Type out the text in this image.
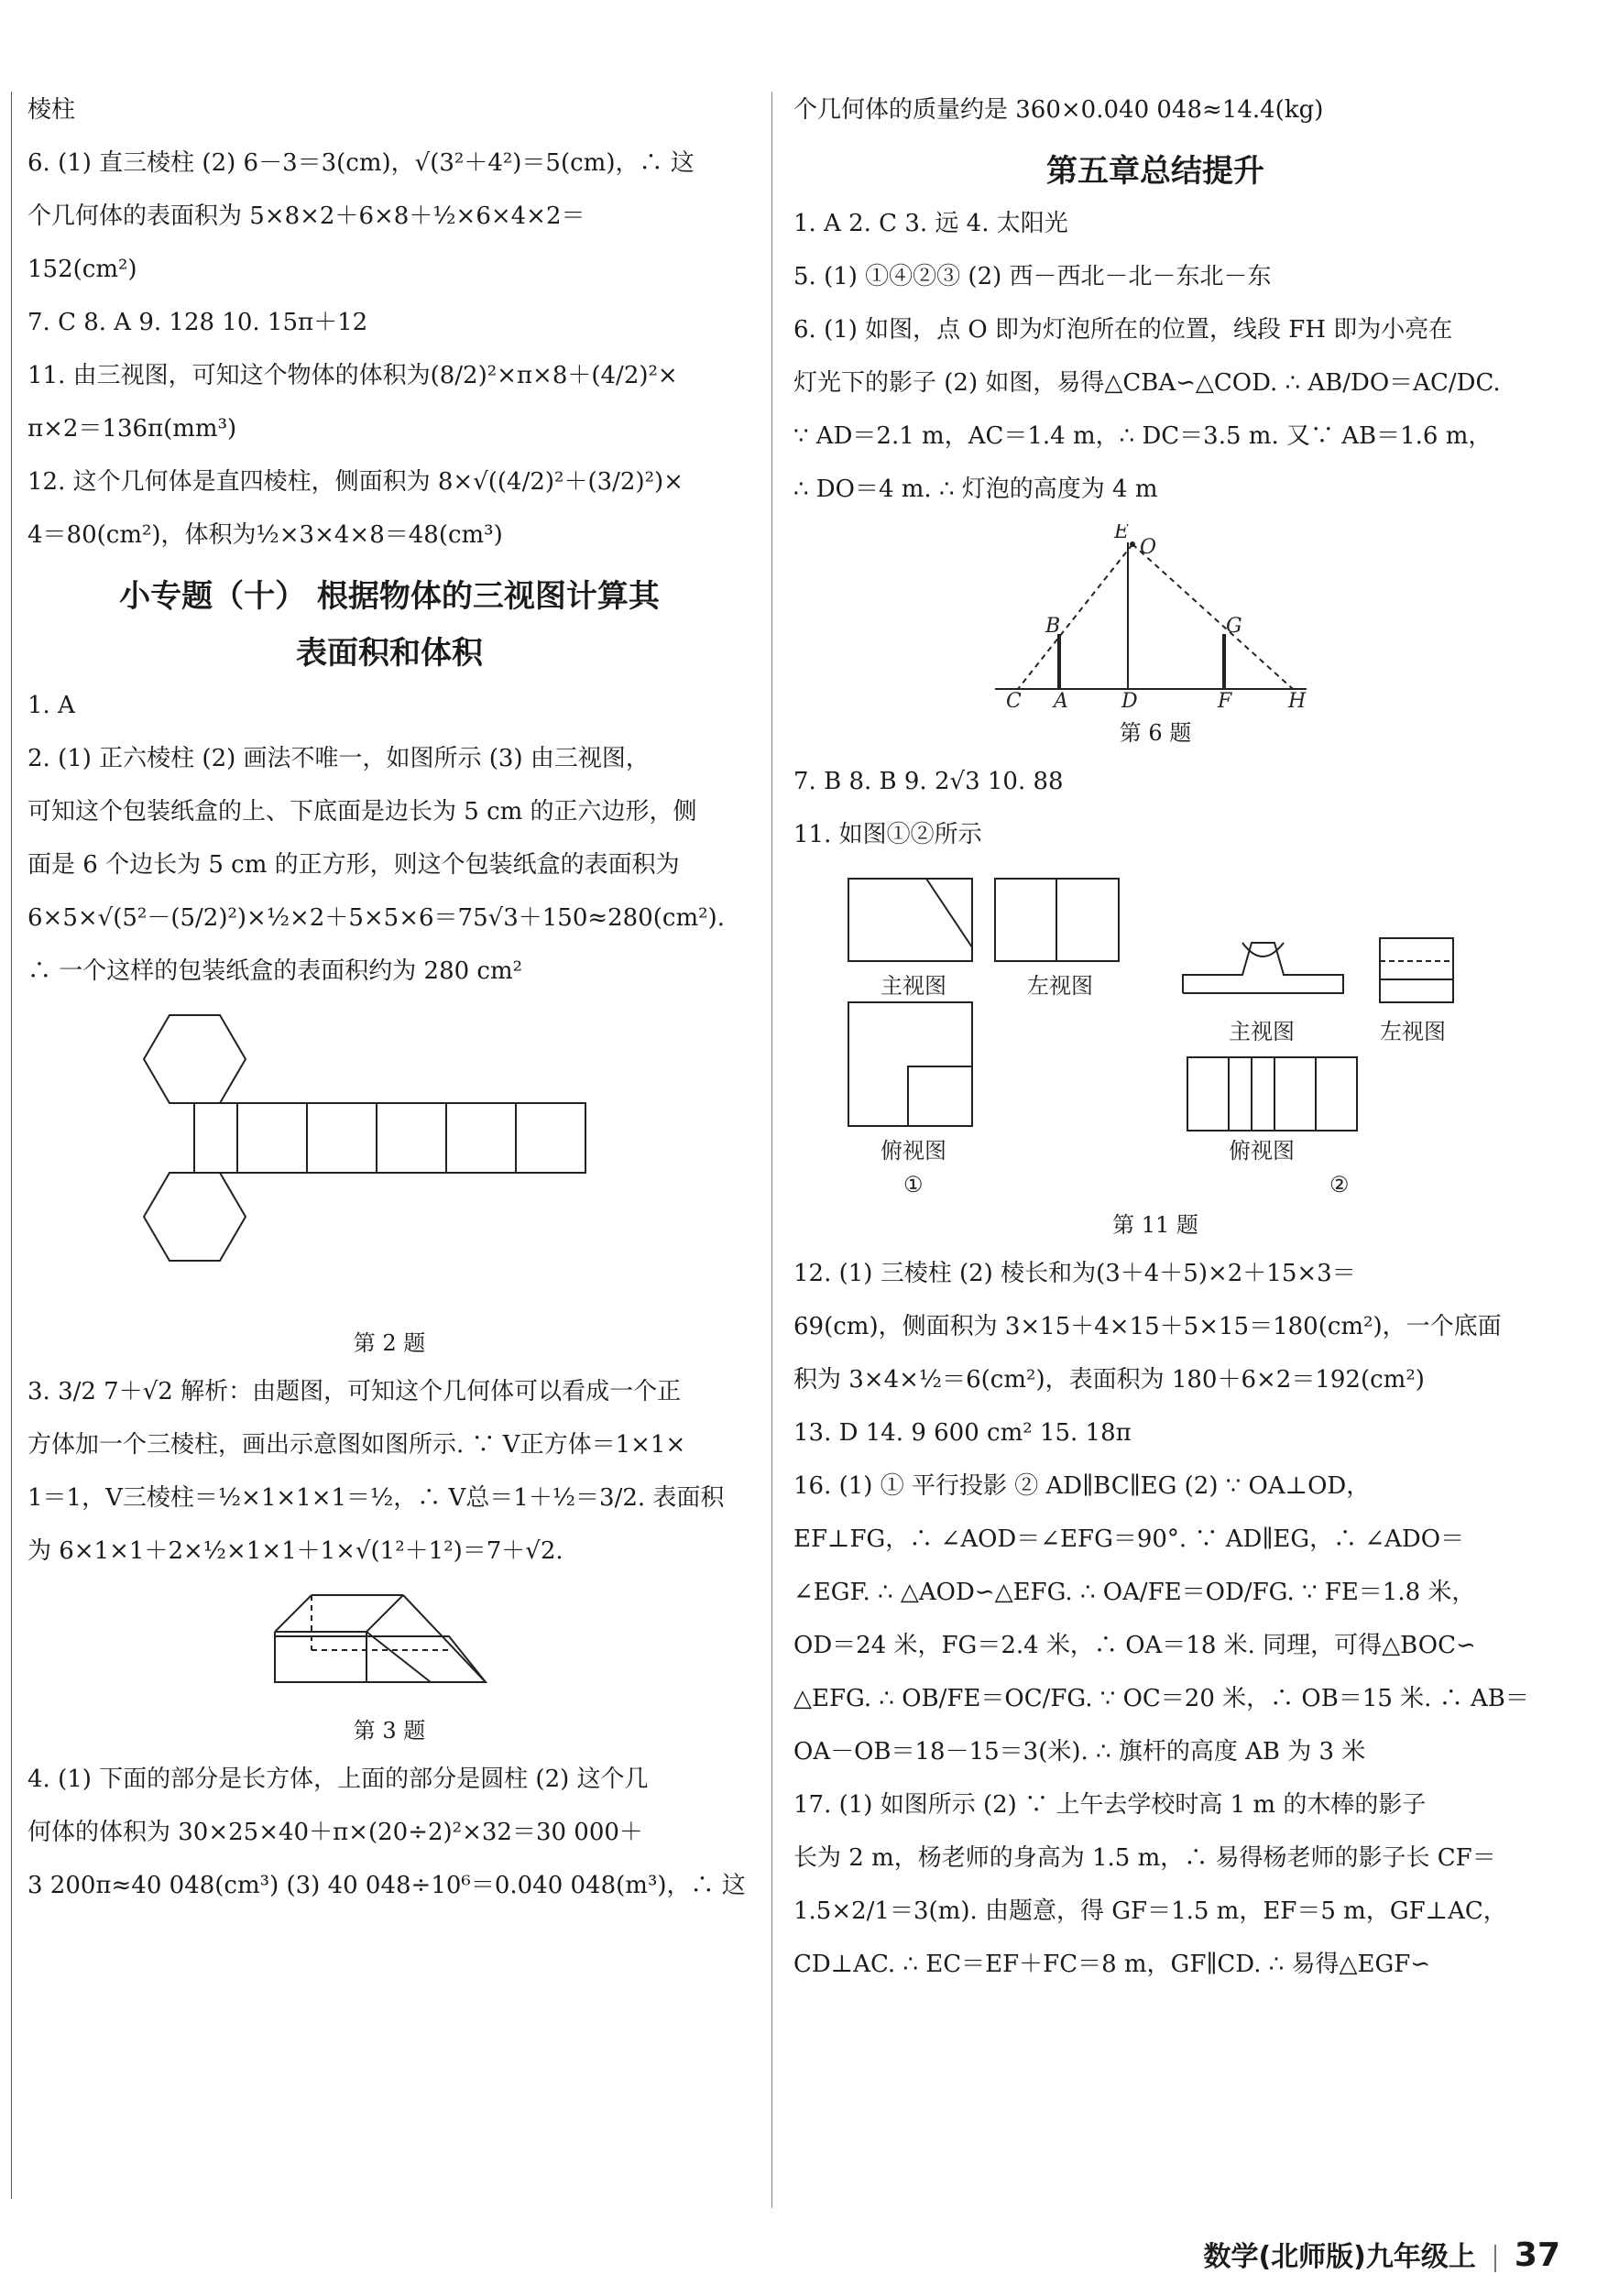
棱柱
6. (1) 直三棱柱 (2) 6－3＝3(cm)，√(3²＋4²)＝5(cm)，∴ 这
个几何体的表面积为 5×8×2＋6×8＋½×6×4×2＝
152(cm²)
7. C 8. A 9. 128 10. 15π＋12
11. 由三视图，可知这个物体的体积为(8/2)²×π×8＋(4/2)²×
π×2＝136π(mm³)
12. 这个几何体是直四棱柱，侧面积为 8×√((4/2)²＋(3/2)²)×
4＝80(cm²)，体积为½×3×4×8＝48(cm³)
小专题（十） 根据物体的三视图计算其
表面积和体积
1. A
2. (1) 正六棱柱 (2) 画法不唯一，如图所示 (3) 由三视图，
可知这个包装纸盒的上、下底面是边长为 5 cm 的正六边形，侧
面是 6 个边长为 5 cm 的正方形，则这个包装纸盒的表面积为
6×5×√(5²－(5/2)²)×½×2＋5×5×6＝75√3＋150≈280(cm²).
∴ 一个这样的包装纸盒的表面积约为 280 cm²
第 2 题
3. 3/2 7＋√2 解析：由题图，可知这个几何体可以看成一个正
方体加一个三棱柱，画出示意图如图所示. ∵ V正方体＝1×1×
1＝1，V三棱柱＝½×1×1×1＝½，∴ V总＝1＋½＝3/2. 表面积
为 6×1×1＋2×½×1×1＋1×√(1²＋1²)＝7＋√2.
第 3 题
4. (1) 下面的部分是长方体，上面的部分是圆柱 (2) 这个几
何体的体积为 30×25×40＋π×(20÷2)²×32＝30 000＋
3 200π≈40 048(cm³) (3) 40 048÷10⁶＝0.040 048(m³)，∴ 这
个几何体的质量约是 360×0.040 048≈14.4(kg)
第五章总结提升
1. A 2. C 3. 远 4. 太阳光
5. (1) ①④②③ (2) 西－西北－北－东北－东
6. (1) 如图，点 O 即为灯泡所在的位置，线段 FH 即为小亮在
灯光下的影子 (2) 如图，易得△CBA∽△COD. ∴ AB/DO＝AC/DC.
∵ AD＝2.1 m，AC＝1.4 m，∴ DC＝3.5 m. 又∵ AB＝1.6 m，
∴ DO＝4 m. ∴ 灯泡的高度为 4 m
E
O
B	G
C A	D	F	H
第 6 题
7. B 8. B 9. 2√3 10. 88
11. 如图①②所示
主视图	左视图
俯视图
主视图	左视图
俯视图
①	②
第 11 题
12. (1) 三棱柱 (2) 棱长和为(3＋4＋5)×2＋15×3＝
69(cm)，侧面积为 3×15＋4×15＋5×15＝180(cm²)，一个底面
积为 3×4×½＝6(cm²)，表面积为 180＋6×2＝192(cm²)
13. D 14. 9 600 cm² 15. 18π
16. (1) ① 平行投影 ② AD∥BC∥EG (2) ∵ OA⊥OD，
EF⊥FG，∴ ∠AOD＝∠EFG＝90°. ∵ AD∥EG，∴ ∠ADO＝
∠EGF. ∴ △AOD∽△EFG. ∴ OA/FE＝OD/FG. ∵ FE＝1.8 米，
OD＝24 米，FG＝2.4 米，∴ OA＝18 米. 同理，可得△BOC∽
△EFG. ∴ OB/FE＝OC/FG. ∵ OC＝20 米，∴ OB＝15 米. ∴ AB＝
OA－OB＝18－15＝3(米). ∴ 旗杆的高度 AB 为 3 米
17. (1) 如图所示 (2) ∵ 上午去学校时高 1 m 的木棒的影子
长为 2 m，杨老师的身高为 1.5 m，∴ 易得杨老师的影子长 CF＝
1.5×2/1＝3(m). 由题意，得 GF＝1.5 m，EF＝5 m，GF⊥AC，
CD⊥AC. ∴ EC＝EF＋FC＝8 m，GF∥CD. ∴ 易得△EGF∽
数学(北师版)九年级上 37
